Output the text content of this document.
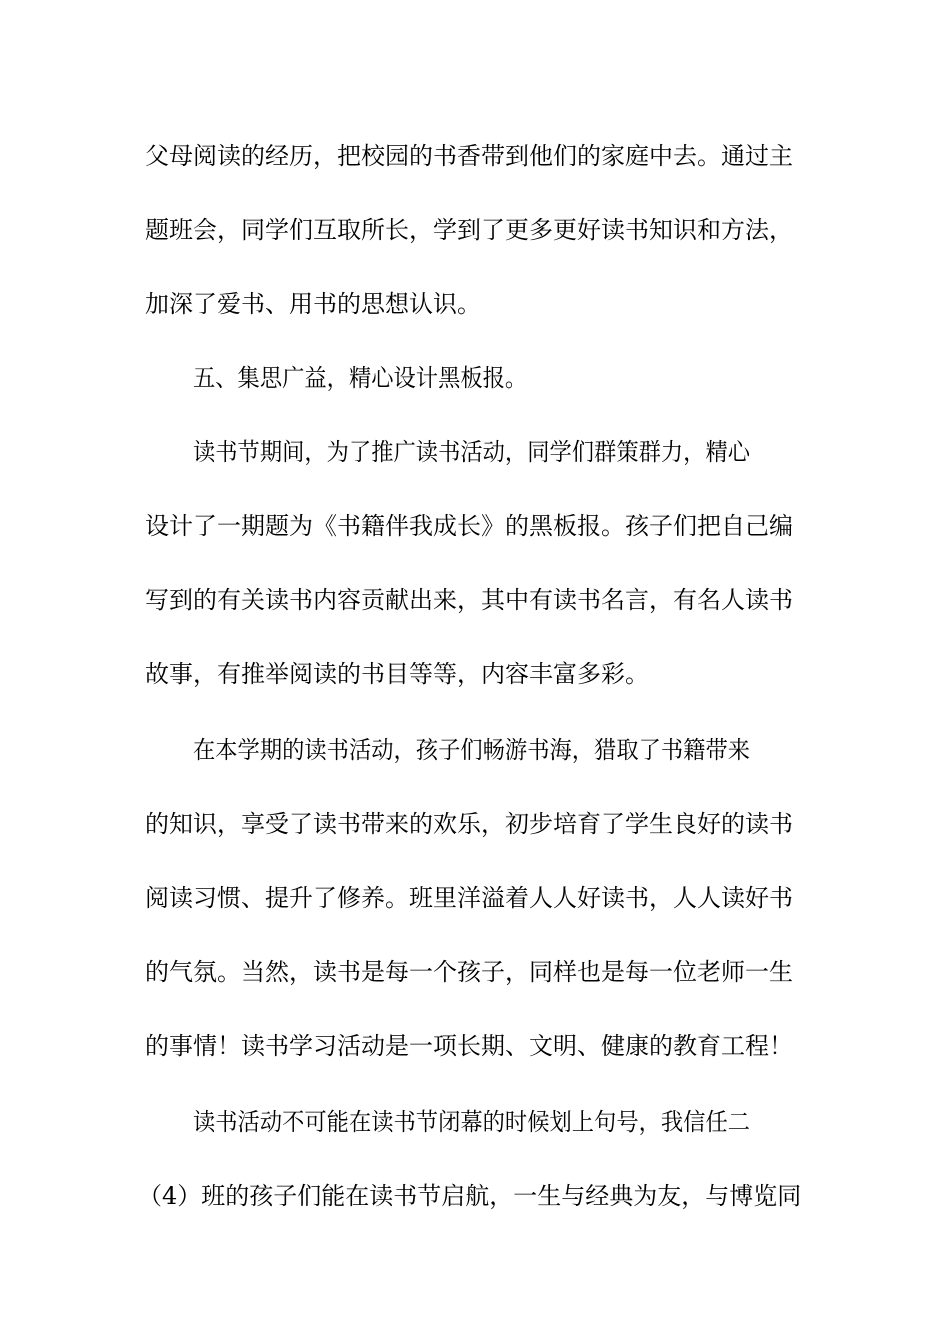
父母阅读的经历，把校园的书香带到他们的家庭中去。通过主
题班会，同学们互取所长，学到了更多更好读书知识和方法，
加深了爱书、用书的思想认识。
五、集思广益，精心设计黑板报。
读书节期间，为了推广读书活动，同学们群策群力，精心
设计了一期题为《书籍伴我成长》的黑板报。孩子们把自己编
写到的有关读书内容贡献出来，其中有读书名言，有名人读书
故事，有推举阅读的书目等等，内容丰富多彩。
在本学期的读书活动，孩子们畅游书海，猎取了书籍带来
的知识，享受了读书带来的欢乐，初步培育了学生良好的读书
阅读习惯、提升了修养。班里洋溢着人人好读书，人人读好书
的气氛。当然，读书是每一个孩子，同样也是每一位老师一生
的事情！读书学习活动是一项长期、文明、健康的教育工程！
读书活动不可能在读书节闭幕的时候划上句号，我信任二
（4）班的孩子们能在读书节启航，一生与经典为友，与博览同
